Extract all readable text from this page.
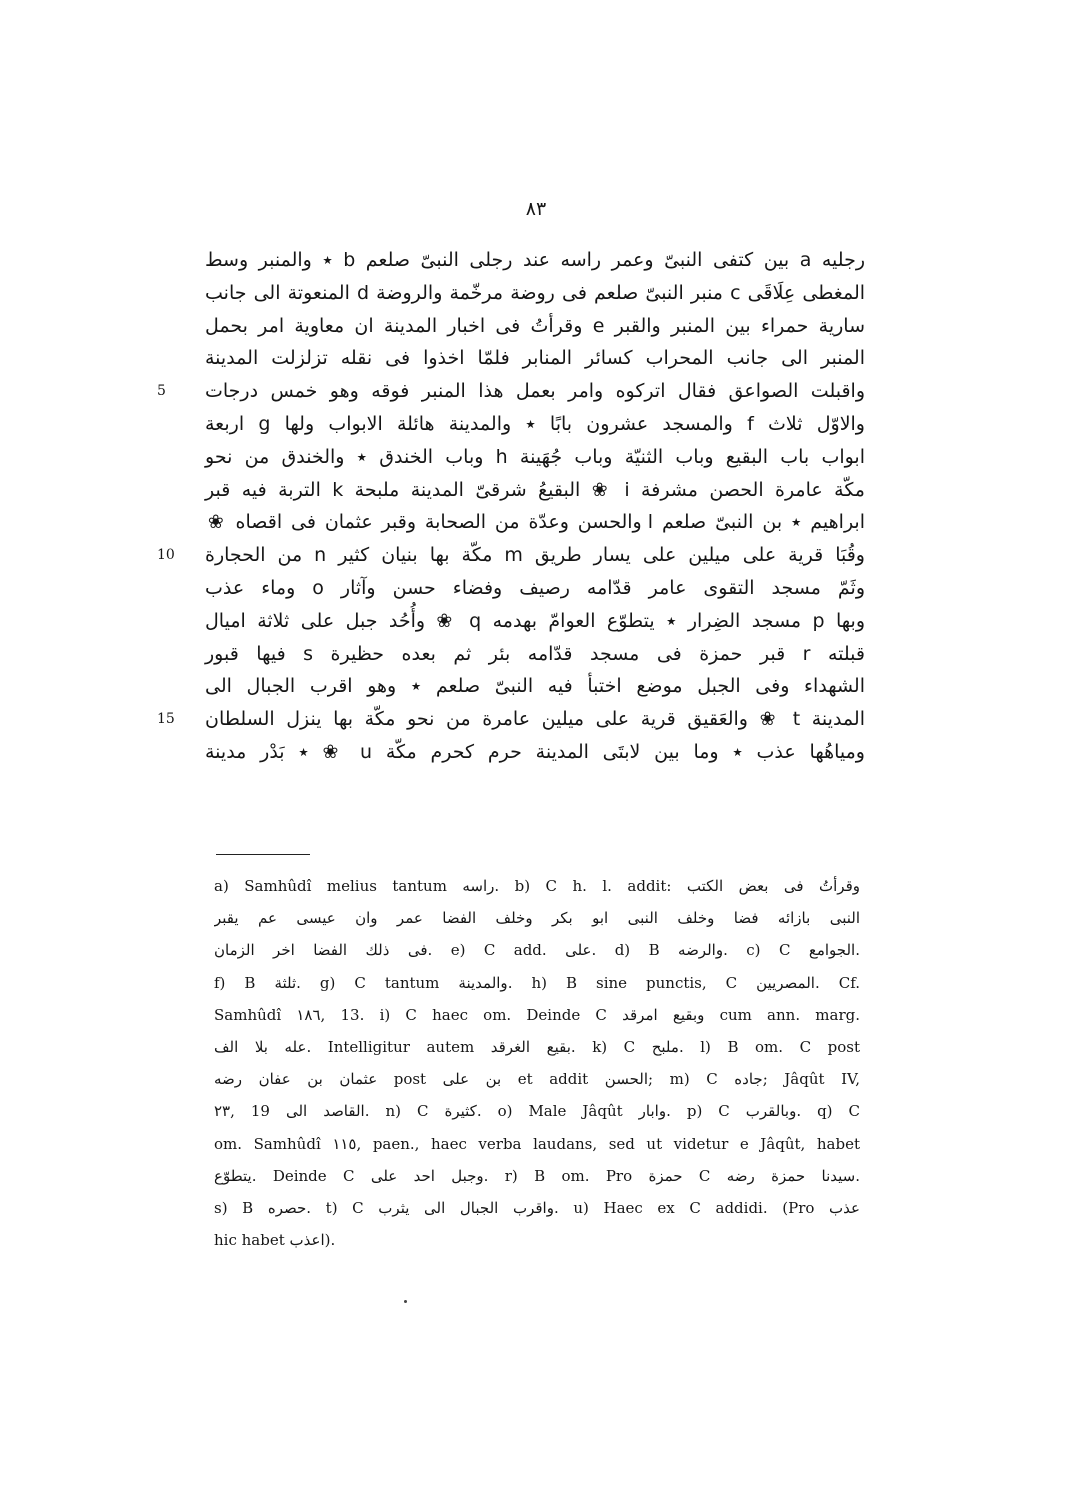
٨٣
رجليه a بين كتفى النبىّ وعمر راسه عند رجلى النبىّ صلعم b ٭ والمنبر وسط
المغطى عِلَاقَى c منبر النبىّ صلعم فى روضة مرخّمة والروضة d المنعوتة الى جانب
سارية حمراء بين المنبر والقبر e وقرأتُ فى اخبار المدينة ان معاوية امر بحمل
المنبر الى جانب المحراب كسائر المنابر فلمّا اخذوا فى نقله تزلزلت المدينة
5 واقبلت الصواعق فقال اتركوه وامر بعمل هذا المنبر فوقه وهو خمس درجات
والاوّل ثلاث f والمسجد عشرون بابًا ٭ والمدينة هائلة الابواب ولها g اربعة
ابواب باب البقيع وباب الثنيّة وباب جُهَينة h وباب الخندق ٭ والخندق من نحو
مكّة عامرة الحصن مشرفة i ❀ البقيعُ شرقىّ المدينة ملبحة k التربة فيه قبر
ابراهيم ٭ بن النبىّ صلعم l والحسن وعدّة من الصحابة وقبر عثمان فى اقصاه ❀
10 وقُبَا قرية على ميلين على يسار طريق m مكّة بها بنيان كثير n من الحجارة
وثَمّ مسجد التقوى عامر قدّامه رصيف وفضاء حسن وآثار o وماء عذب
وبها p مسجد الضِرار ٭ يتطوّع العوامّ بهدمه q ❀ وأُحُد جبل على ثلاثة اميال
قبلته r قبر حمزة فى مسجد قدّامه بئر ثم بعده حظيرة s فيها قبور
الشهداء وفى الجبل موضع اختبأ فيه النبىّ صلعم ٭ وهو اقرب الجبال الى
15 المدينة t ❀ والعَقيق قرية على ميلين عامرة من نحو مكّة بها ينزل السلطان
ومياهُها عذب ٭ وما بين لابتَى المدينة حرم كحرم مكّة u ❀ ٭ بَدْر مدينة
a) Samhûdî melius tantum راسه. b) C h. l. addit: وقرأتُ فى بعض الكتب
النبى بازائه فضا وخلف النبى ابو بكر وخلف الفضا عمر وان عيسى عم يقبر
فى ذلك الفضا اخر الزمان. e) C add. على. d) B والرضه. c) C الجوامع.
f) B ثلثة. g) C tantum والمدينة. h) B sine punctis, C المصريين. Cf.
Samhûdî ١٨٦, 13. i) C haec om. Deinde C وبقيع امرقد cum ann. marg.
عله بلا الف. Intelligitur autem بقيع الغرقد. k) C ملبح. l) B om. C post
عثمان بن عفان رضه post بن على et addit الحسن; m) C جاده; Jâqût IV,
٢٣, 19 القاصد الى. n) C كثيرة. o) Male Jâqût وابار. p) C وبالقرب. q) C
om. Samhûdî ١١٥, paen., haec verba laudans, sed ut videtur e Jâqût, habet
يتطوّع. Deinde C وجبل احد على. r) B om. Pro حمزة C سيدنا حمزة رضه.
s) B حصره. t) C واقرب الجبال الى يثرب. u) Haec ex C addidi. (Pro عذب
hic habet اعذب).
